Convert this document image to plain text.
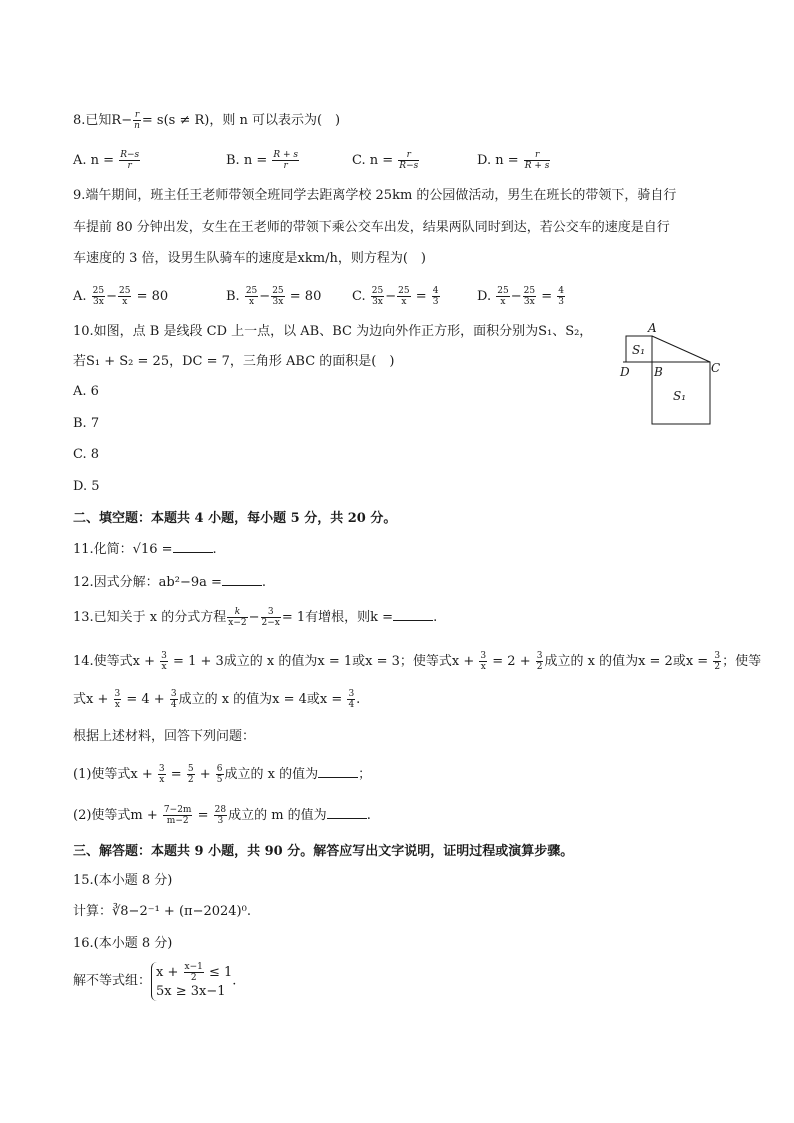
8.已知$R- \frac{r}{n} = s(s \ne R)$，则 n 可以表示为(　)
A. $n = \frac{R-s}{r}$	B. $n = \frac{R + s}{r}$	C. $n = \frac{r}{R-s}$	D. $n = \frac{r}{R + s}$
9.端午期间，班主任王老师带领全班同学去距离学校 25km 的公园做活动，男生在班长的带领下，骑自行
车提前 80 分钟出发，女生在王老师的带领下乘公交车出发，结果两队同时到达，若公交车的速度是自行
车速度的 3 倍，设男生队骑车的速度是xkm/h，则方程为(　)
A. $\frac{25}{3x} - \frac{25}{x} = 80$	B. $\frac{25}{x} - \frac{25}{3x} = 80$ C. $\frac{25}{3x} - \frac{25}{x} = \frac{4}{3}$	D. $\frac{25}{x} - \frac{25}{3x} = \frac{4}{3}$
10.如图，点 B 是线段 CD 上一点，以 AB、BC 为边向外作正方形，面积分别为S₁、S₂，
若S₁ + S₂ = 25，DC = 7，三角形 ABC 的面积是(　)
A. 6
B. 7
C. 8
D. 5
A
D B	C
S₁
S₁
二、填空题：本题共 4 小题，每小题 5 分，共 20 分。
11.化简：√16 =	.
12.因式分解：ab²−9a =	.
13.已知关于 x 的分式方程 $\frac{k}{x-2} - \frac{3}{2-x} = 1$有增根，则k =	.
14.使等式$x + \frac{3}{x} = 1 + 3$成立的 x 的值为x = 1或x = 3；使等式$x + \frac{3}{x} = 2 + \frac{3}{2}$ 成立的 x 的值为x = 2或$x = \frac{3}{2}$ ；使等
式$x + \frac{3}{x} = 4 + \frac{3}{4}$ 成立的 x 的值为x = 4或$x = \frac{3}{4}$ .
根据上述材料，回答下列问题：
(1)使等式$x + \frac{3}{x} = \frac{5}{2} + \frac{6}{5}$ 成立的 x 的值为	；
(2)使等式$m + \frac{7-2m}{m-2} = \frac{28}{3}$ 成立的 m 的值为	.
三、解答题：本题共 9 小题，共 90 分。解答应写出文字说明，证明过程或演算步骤。
15.(本小题 8 分)
计算：∛8−2⁻¹ + (π−2024)⁰.
16.(本小题 8 分)
解不等式组：
$x + \frac{x-1}{2} \le 1$
5x ≥ 3x−1
.
